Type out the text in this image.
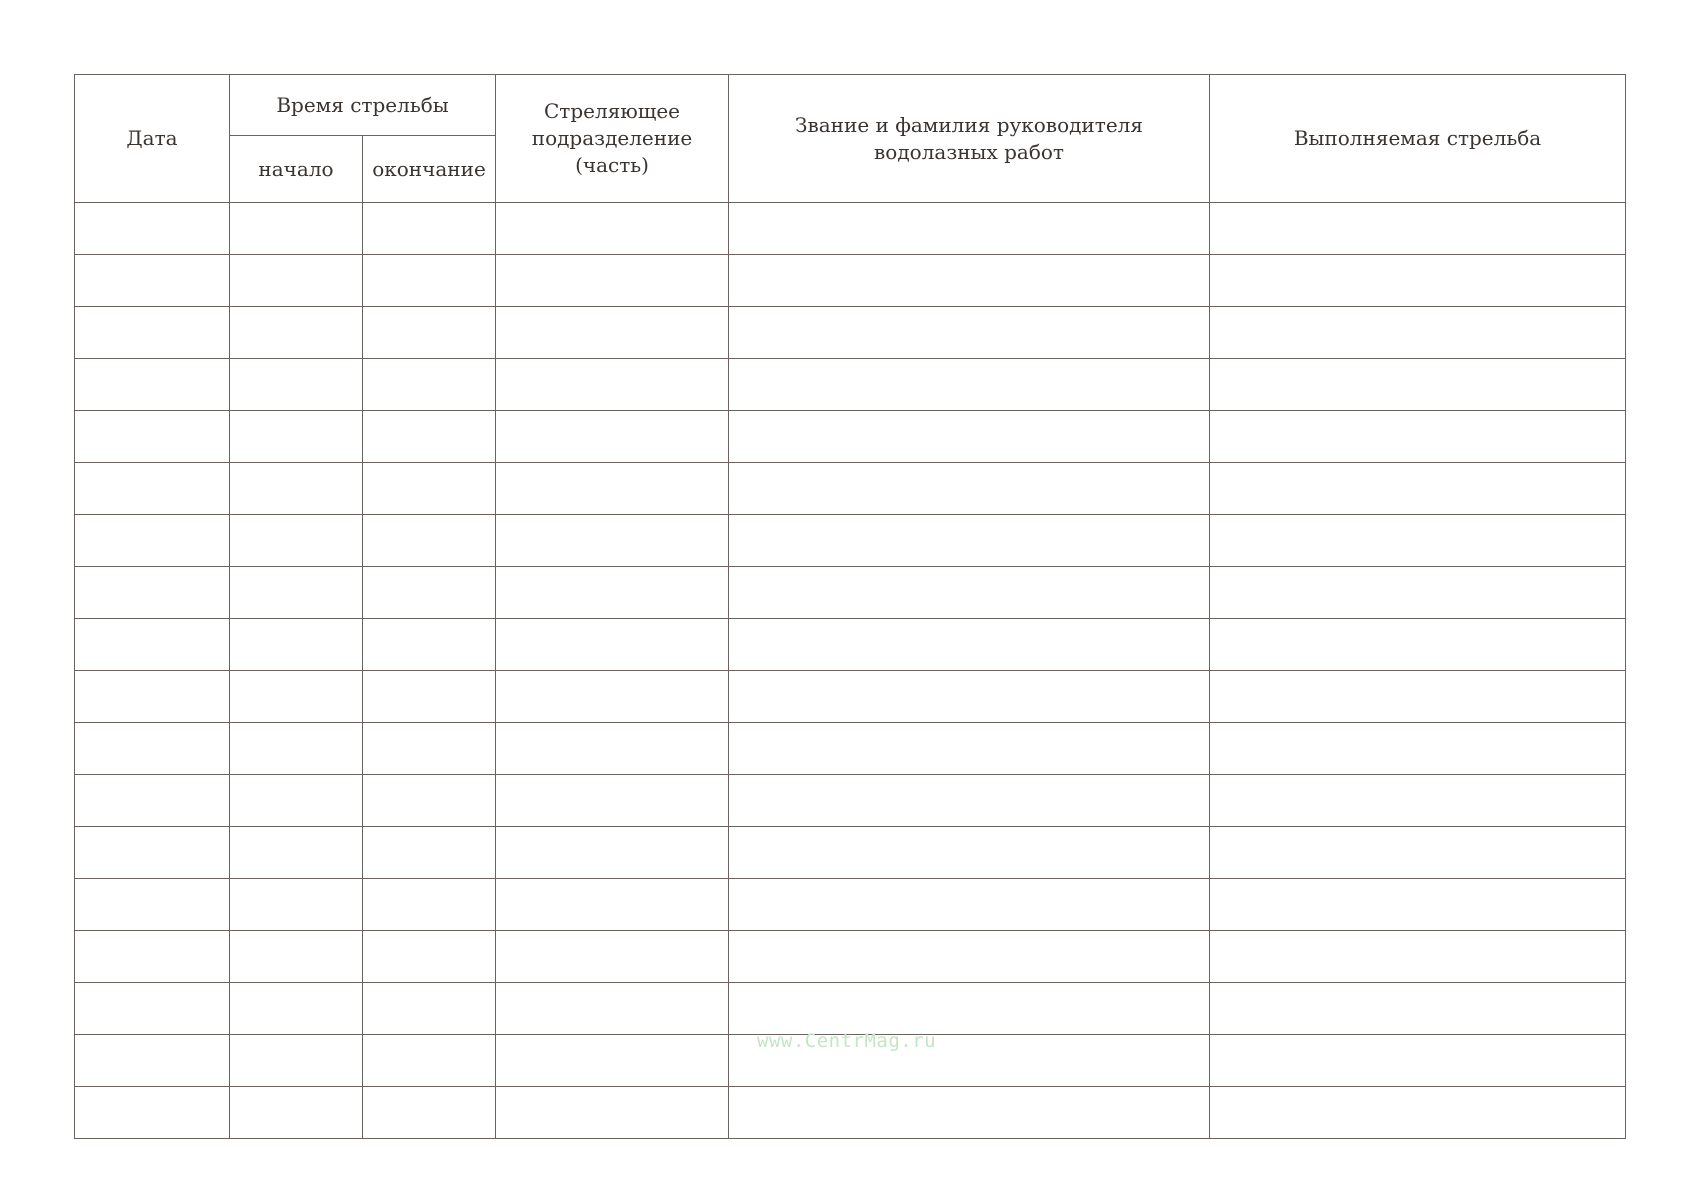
Дата	Время стрельбы		Стреляющее подразделение (часть)	Звание и фамилия руководителя водолазных работ	Выполняемая стрельба
	начало	окончание			

www.CentrMag.ru
